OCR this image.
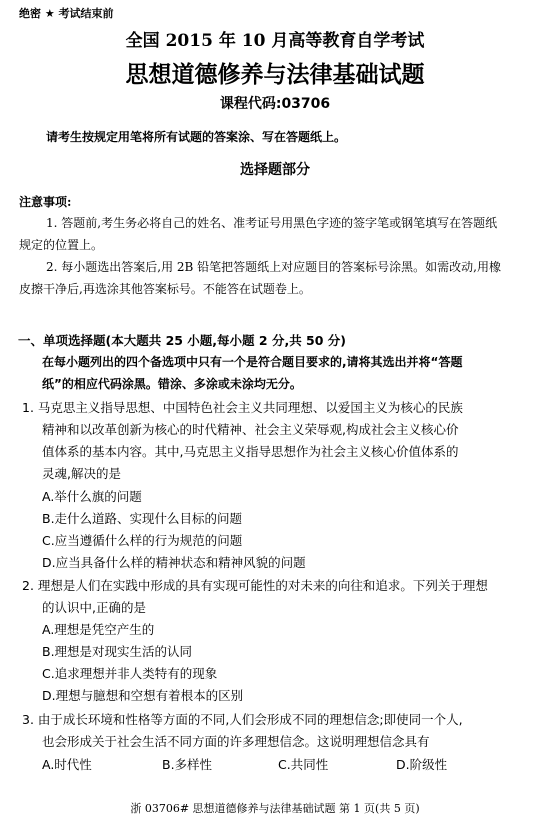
绝密 ★ 考试结束前
全国 2015 年 10 月高等教育自学考试
思想道德修养与法律基础试题
课程代码:03706
请考生按规定用笔将所有试题的答案涂、写在答题纸上。
选择题部分
注意事项:
1. 答题前,考生务必将自己的姓名、准考证号用黑色字迹的签字笔或钢笔填写在答题纸
规定的位置上。
2. 每小题选出答案后,用 2B 铅笔把答题纸上对应题目的答案标号涂黑。如需改动,用橡
皮擦干净后,再选涂其他答案标号。不能答在试题卷上。
一、单项选择题(本大题共 25 小题,每小题 2 分,共 50 分)
在每小题列出的四个备选项中只有一个是符合题目要求的,请将其选出并将“答题
纸”的相应代码涂黑。错涂、多涂或未涂均无分。
1. 马克思主义指导思想、中国特色社会主义共同理想、以爱国主义为核心的民族
精神和以改革创新为核心的时代精神、社会主义荣辱观,构成社会主义核心价
值体系的基本内容。其中,马克思主义指导思想作为社会主义核心价值体系的
灵魂,解决的是
A.举什么旗的问题
B.走什么道路、实现什么目标的问题
C.应当遵循什么样的行为规范的问题
D.应当具备什么样的精神状态和精神风貌的问题
2. 理想是人们在实践中形成的具有实现可能性的对未来的向往和追求。下列关于理想
的认识中,正确的是
A.理想是凭空产生的
B.理想是对现实生活的认同
C.追求理想并非人类特有的现象
D.理想与臆想和空想有着根本的区别
3. 由于成长环境和性格等方面的不同,人们会形成不同的理想信念;即使同一个人,
也会形成关于社会生活不同方面的许多理想信念。这说明理想信念具有
A.时代性	B.多样性	C.共同性	D.阶级性
浙 03706# 思想道德修养与法律基础试题 第 1 页(共 5 页)
